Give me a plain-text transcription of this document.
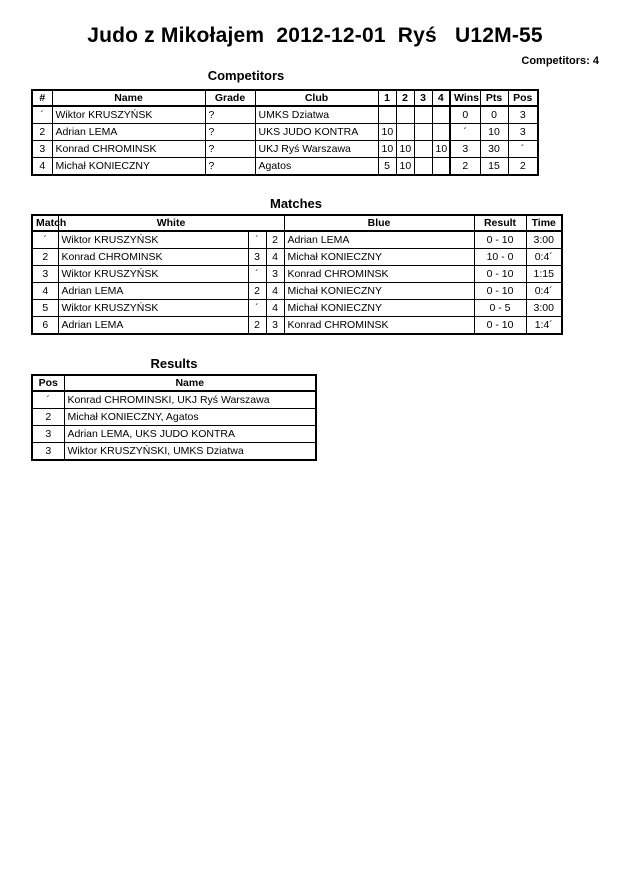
Judo z Mikołajem  2012-12-01  Ryś   U12M-55
Competitors: 4
Competitors
#	Name	Grade	Club	1	2	3	4	Wins	Pts	Pos
´	Wiktor KRUSZYŃSK	?	UMKS Dziatwa					0	0	3
2	Adrian LEMA	?	UKS JUDO KONTRA	10				´	10	3
3	Konrad CHROMINSK	?	UKJ Ryś Warszawa	10	10		10	3	30	´
4	Michał KONIECZNY	?	Agatos	5	10			2	15	2
Matches
Match	White			Blue	Result	Time
´	Wiktor KRUSZYŃSK	´	2	Adrian LEMA	0 - 10	3:00
2	Konrad CHROMINSK	3	4	Michał KONIECZNY	10 - 0	0:4´
3	Wiktor KRUSZYŃSK	´	3	Konrad CHROMINSK	0 - 10	1:15
4	Adrian LEMA	2	4	Michał KONIECZNY	0 - 10	0:4´
5	Wiktor KRUSZYŃSK	´	4	Michał KONIECZNY	0 - 5	3:00
6	Adrian LEMA	2	3	Konrad CHROMINSK	0 - 10	1:4´
Results
Pos	Name
´	Konrad CHROMINSKI, UKJ Ryś Warszawa
2	Michał KONIECZNY, Agatos
3	Adrian LEMA, UKS JUDO KONTRA
3	Wiktor KRUSZYŃSKI, UMKS Dziatwa
